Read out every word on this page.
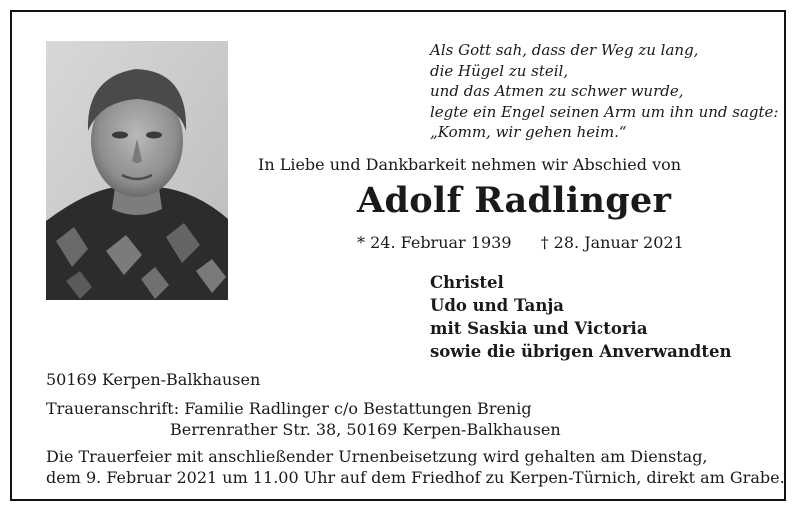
Als Gott sah, dass der Weg zu lang,
die Hügel zu steil,
und das Atmen zu schwer wurde,
legte ein Engel seinen Arm um ihn und sagte:
„Komm, wir gehen heim.“
In Liebe und Dankbarkeit nehmen wir Abschied von
Adolf Radlinger
* 24. Februar 1939 † 28. Januar 2021
Christel
Udo und Tanja
mit Saskia und Victoria
sowie die übrigen Anverwandten
50169 Kerpen-Balkhausen
Traueranschrift: Familie Radlinger c/o Bestattungen Brenig
Berrenrather Str. 38, 50169 Kerpen-Balkhausen
Die Trauerfeier mit anschließender Urnenbeisetzung wird gehalten am Dienstag,
dem 9. Februar 2021 um 11.00 Uhr auf dem Friedhof zu Kerpen-Türnich, direkt am Grabe.
